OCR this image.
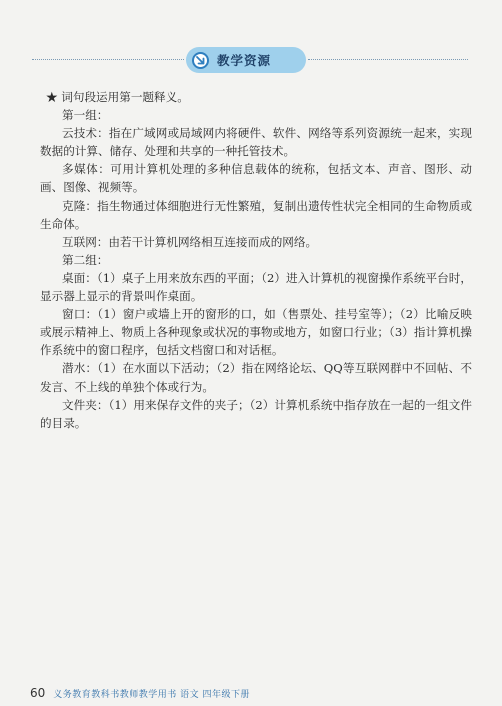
教学资源

★ 词句段运用第一题释义。

第一组：

云技术：指在广域网或局域网内将硬件、软件、网络等系列资源统一起来，实现数据的计算、储存、处理和共享的一种托管技术。

多媒体：可用计算机处理的多种信息载体的统称，包括文本、声音、图形、动画、图像、视频等。

克隆：指生物通过体细胞进行无性繁殖，复制出遗传性状完全相同的生命物质或生命体。

互联网：由若干计算机网络相互连接而成的网络。

第二组：

桌面：（1）桌子上用来放东西的平面；（2）进入计算机的视窗操作系统平台时，显示器上显示的背景叫作桌面。

窗口：（1）窗户或墙上开的窗形的口，如（售票处、挂号室等）；（2）比喻反映或展示精神上、物质上各种现象或状况的事物或地方，如窗口行业；（3）指计算机操作系统中的窗口程序，包括文档窗口和对话框。

潜水：（1）在水面以下活动；（2）指在网络论坛、QQ等互联网群中不回帖、不发言、不上线的单独个体或行为。

文件夹：（1）用来保存文件的夹子；（2）计算机系统中指存放在一起的一组文件的目录。

60 义务教育教科书教师教学用书 语文 四年级下册
